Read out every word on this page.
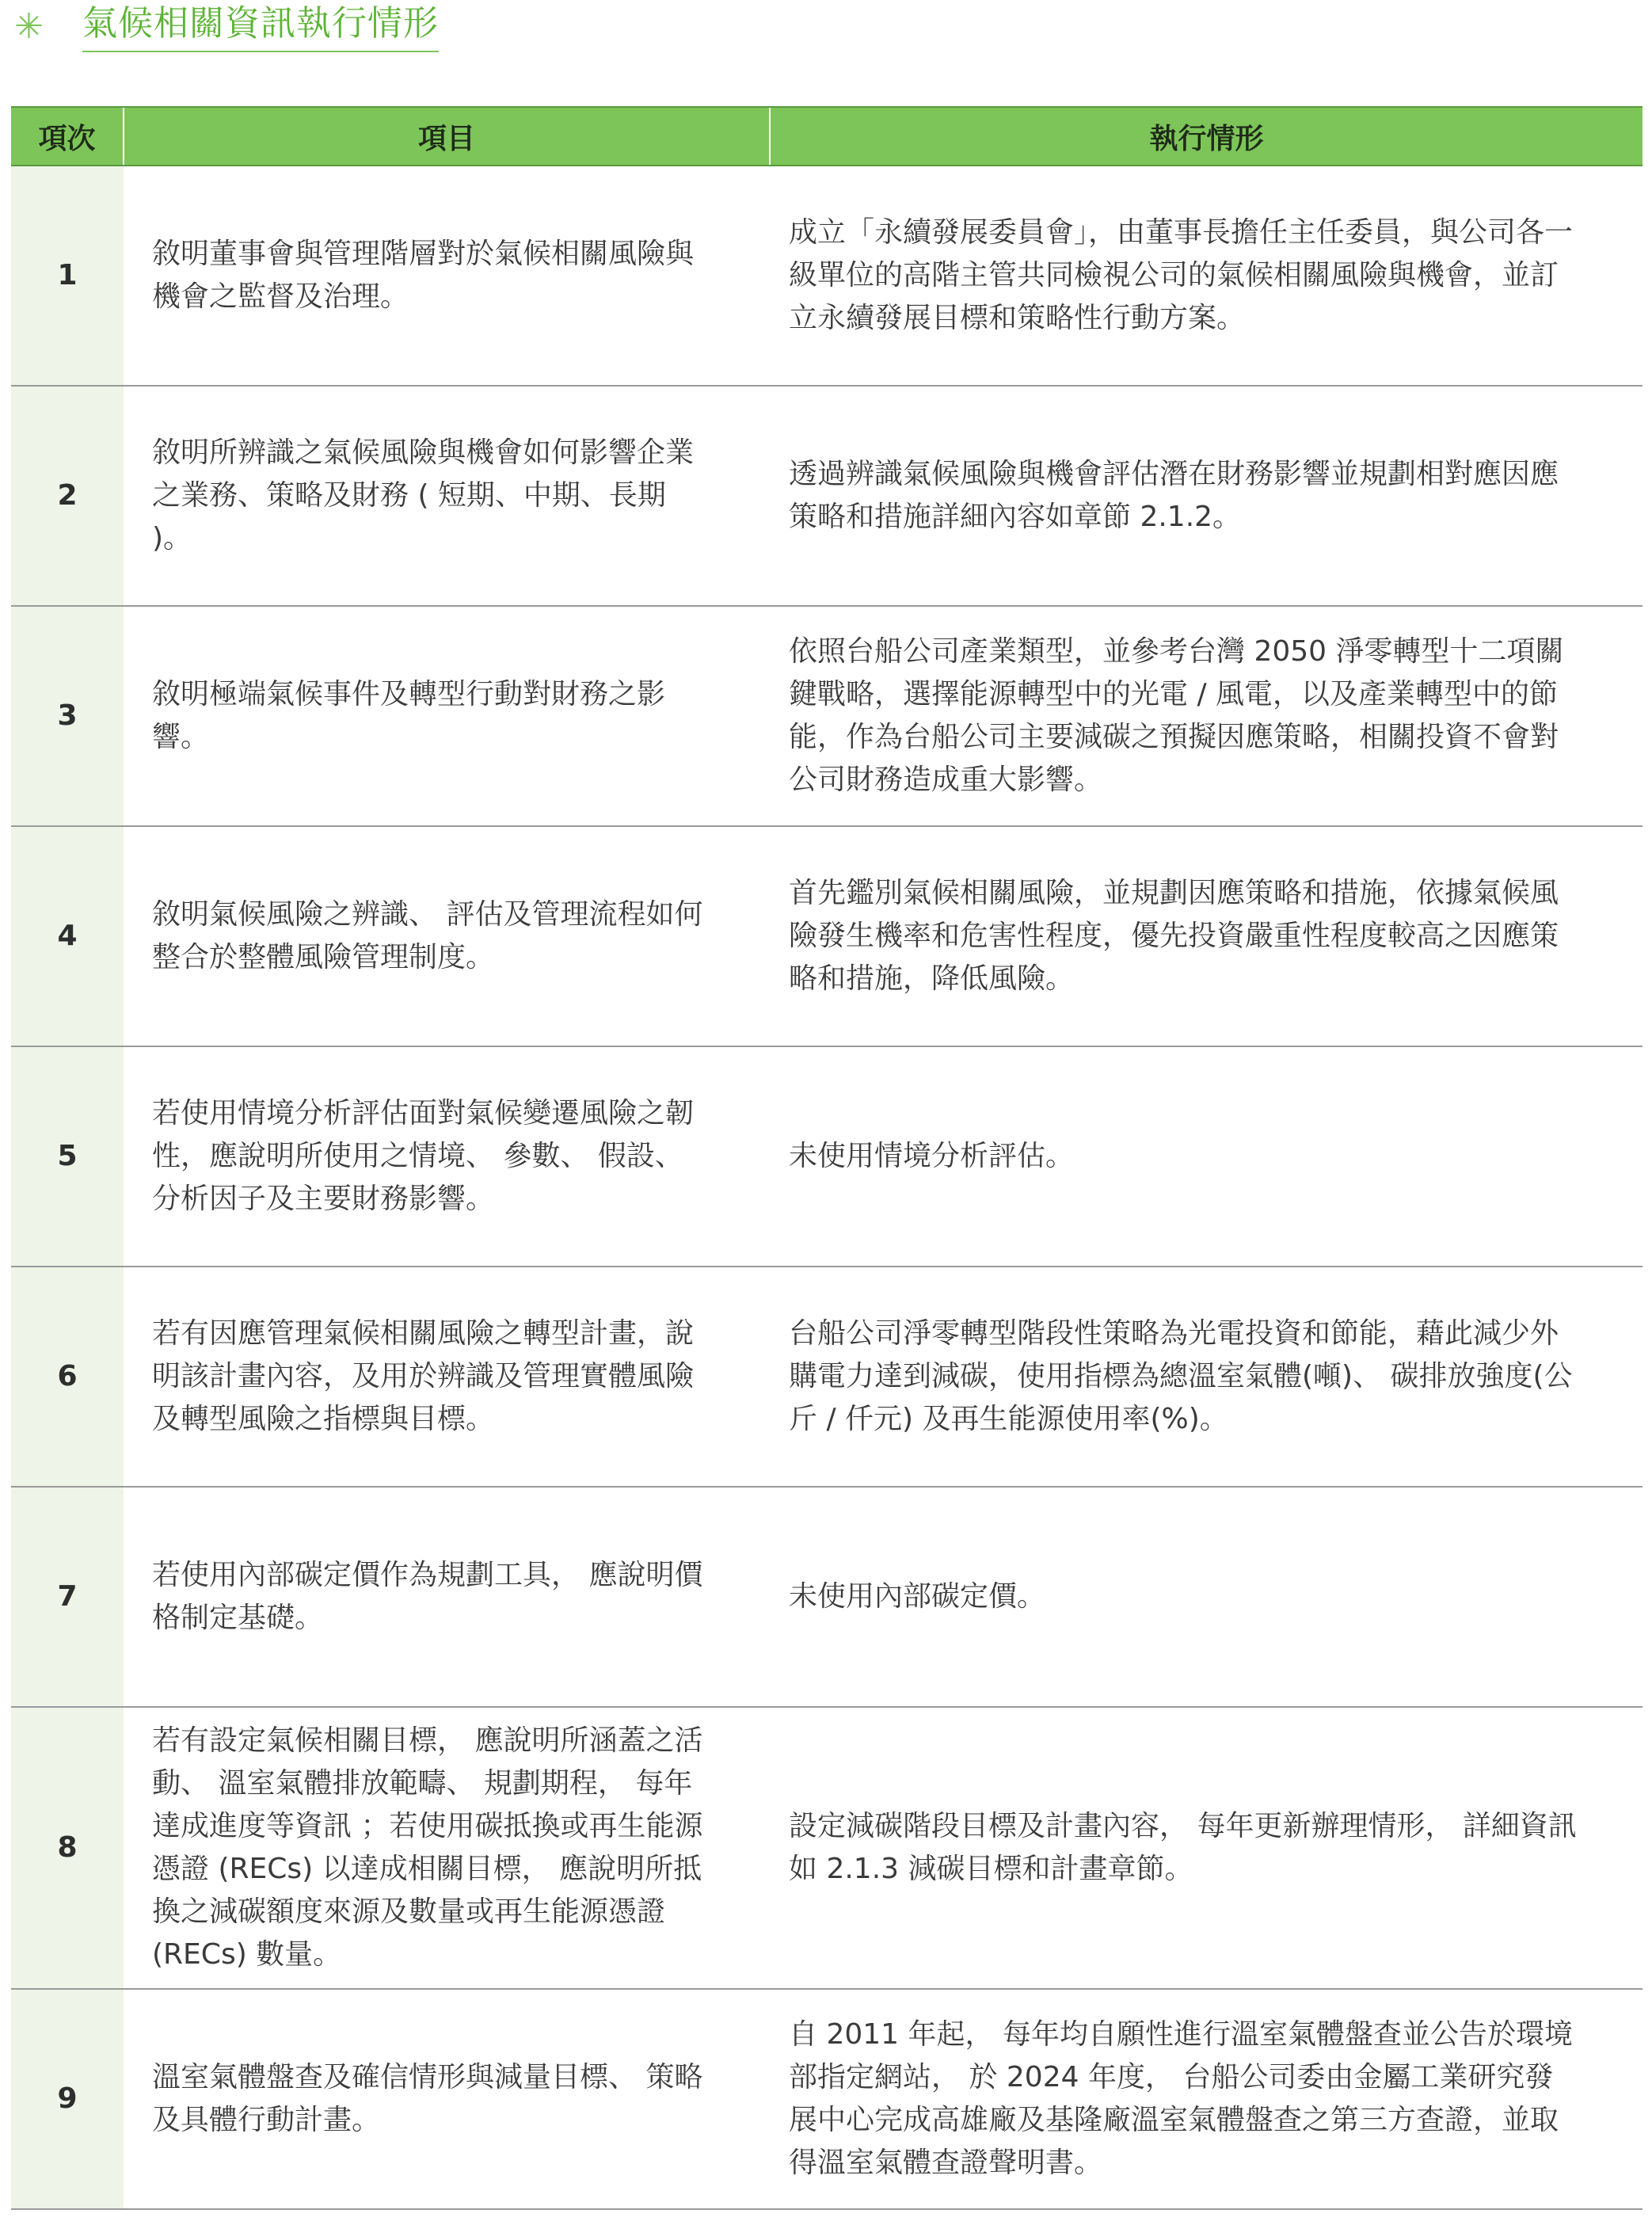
✳	氣候相關資訊執行情形
項次	項目	執行情形
1	敘明董事會與管理階層對於氣候相關風險與機會之監督及治理。	成立「永續發展委員會」，由董事長擔任主任委員，與公司各一級單位的高階主管共同檢視公司的氣候相關風險與機會，並訂立永續發展目標和策略性行動方案。
2	敘明所辨識之氣候風險與機會如何影響企業之業務、策略及財務 ( 短期、中期、長期 )。	透過辨識氣候風險與機會評估潛在財務影響並規劃相對應因應策略和措施詳細內容如章節 2.1.2。
3	敘明極端氣候事件及轉型行動對財務之影響。	依照台船公司產業類型，並參考台灣 2050 淨零轉型十二項關鍵戰略，選擇能源轉型中的光電 / 風電，以及產業轉型中的節能，作為台船公司主要減碳之預擬因應策略，相關投資不會對公司財務造成重大影響。
4	敘明氣候風險之辨識、 評估及管理流程如何整合於整體風險管理制度。	首先鑑別氣候相關風險，並規劃因應策略和措施，依據氣候風險發生機率和危害性程度，優先投資嚴重性程度較高之因應策略和措施，降低風險。
5	若使用情境分析評估面對氣候變遷風險之韌性，應說明所使用之情境、 參數、 假設、分析因子及主要財務影響。	未使用情境分析評估。
6	若有因應管理氣候相關風險之轉型計畫，說明該計畫內容，及用於辨識及管理實體風險及轉型風險之指標與目標。	台船公司淨零轉型階段性策略為光電投資和節能，藉此減少外購電力達到減碳，使用指標為總溫室氣體(噸)、 碳排放強度(公斤 / 仟元) 及再生能源使用率(%)。
7	若使用內部碳定價作為規劃工具， 應說明價格制定基礎。	未使用內部碳定價。
8	若有設定氣候相關目標， 應說明所涵蓋之活動、 溫室氣體排放範疇、 規劃期程， 每年達成進度等資訊 ；若使用碳抵換或再生能源憑證 (RECs) 以達成相關目標， 應說明所抵換之減碳額度來源及數量或再生能源憑證 (RECs) 數量。	設定減碳階段目標及計畫內容， 每年更新辦理情形， 詳細資訊如 2.1.3 減碳目標和計畫章節。
9	溫室氣體盤查及確信情形與減量目標、 策略及具體行動計畫。	自 2011 年起， 每年均自願性進行溫室氣體盤查並公告於環境部指定網站， 於 2024 年度， 台船公司委由金屬工業研究發展中心完成高雄廠及基隆廠溫室氣體盤查之第三方查證，並取得溫室氣體查證聲明書。
